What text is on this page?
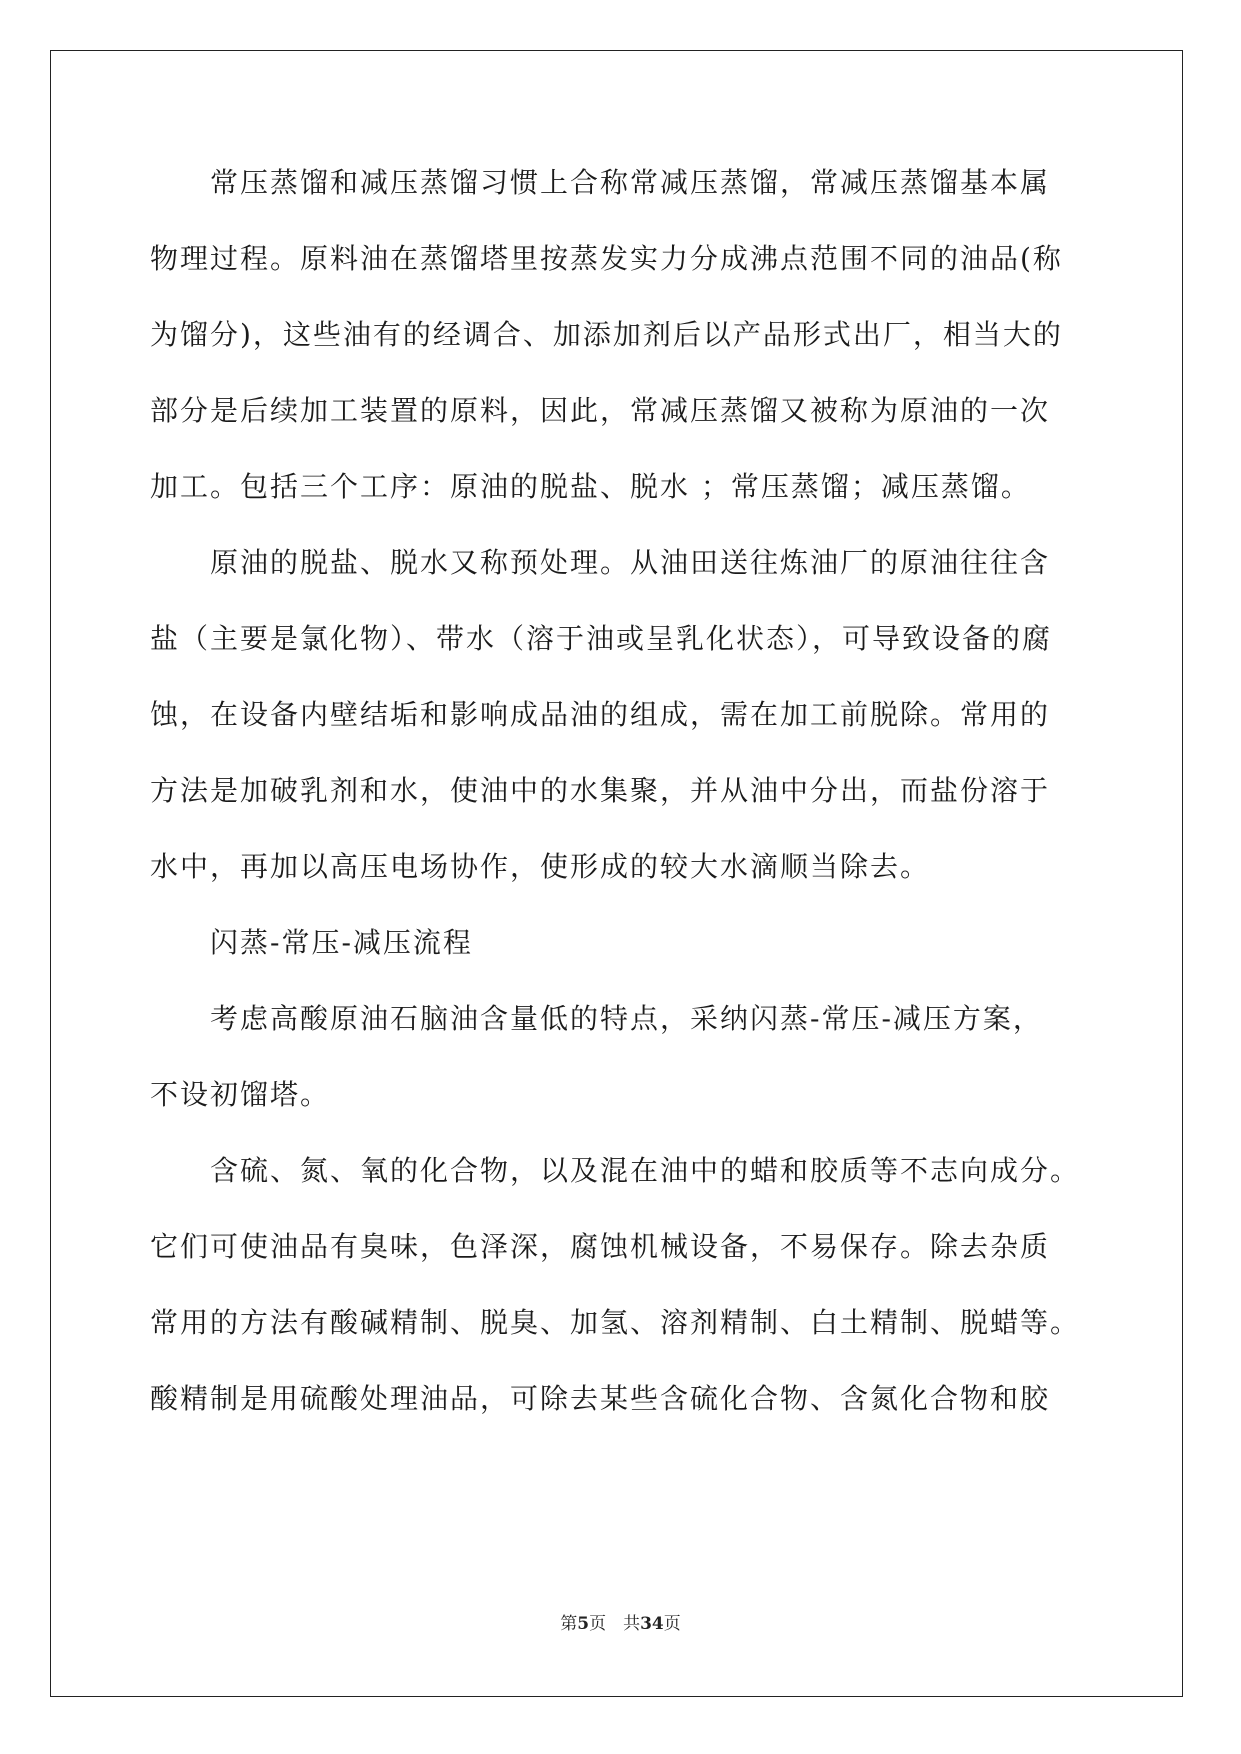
　　常压蒸馏和减压蒸馏习惯上合称常减压蒸馏，常减压蒸馏基本属
物理过程。原料油在蒸馏塔里按蒸发实力分成沸点范围不同的油品(称
为馏分)，这些油有的经调合、加添加剂后以产品形式出厂，相当大的
部分是后续加工装置的原料，因此，常减压蒸馏又被称为原油的一次
加工。包括三个工序：原油的脱盐、脱水 ；常压蒸馏；减压蒸馏。
　　原油的脱盐、脱水又称预处理。从油田送往炼油厂的原油往往含
盐（主要是氯化物）、带水（溶于油或呈乳化状态），可导致设备的腐
蚀，在设备内壁结垢和影响成品油的组成，需在加工前脱除。常用的
方法是加破乳剂和水，使油中的水集聚，并从油中分出，而盐份溶于
水中，再加以高压电场协作，使形成的较大水滴顺当除去。
　　闪蒸-常压-减压流程
　　考虑高酸原油石脑油含量低的特点，采纳闪蒸-常压-减压方案，
不设初馏塔。
　　含硫、氮、氧的化合物，以及混在油中的蜡和胶质等不志向成分。
它们可使油品有臭味，色泽深，腐蚀机械设备，不易保存。除去杂质
常用的方法有酸碱精制、脱臭、加氢、溶剂精制、白土精制、脱蜡等。
酸精制是用硫酸处理油品，可除去某些含硫化合物、含氮化合物和胶
第5页　共34页
